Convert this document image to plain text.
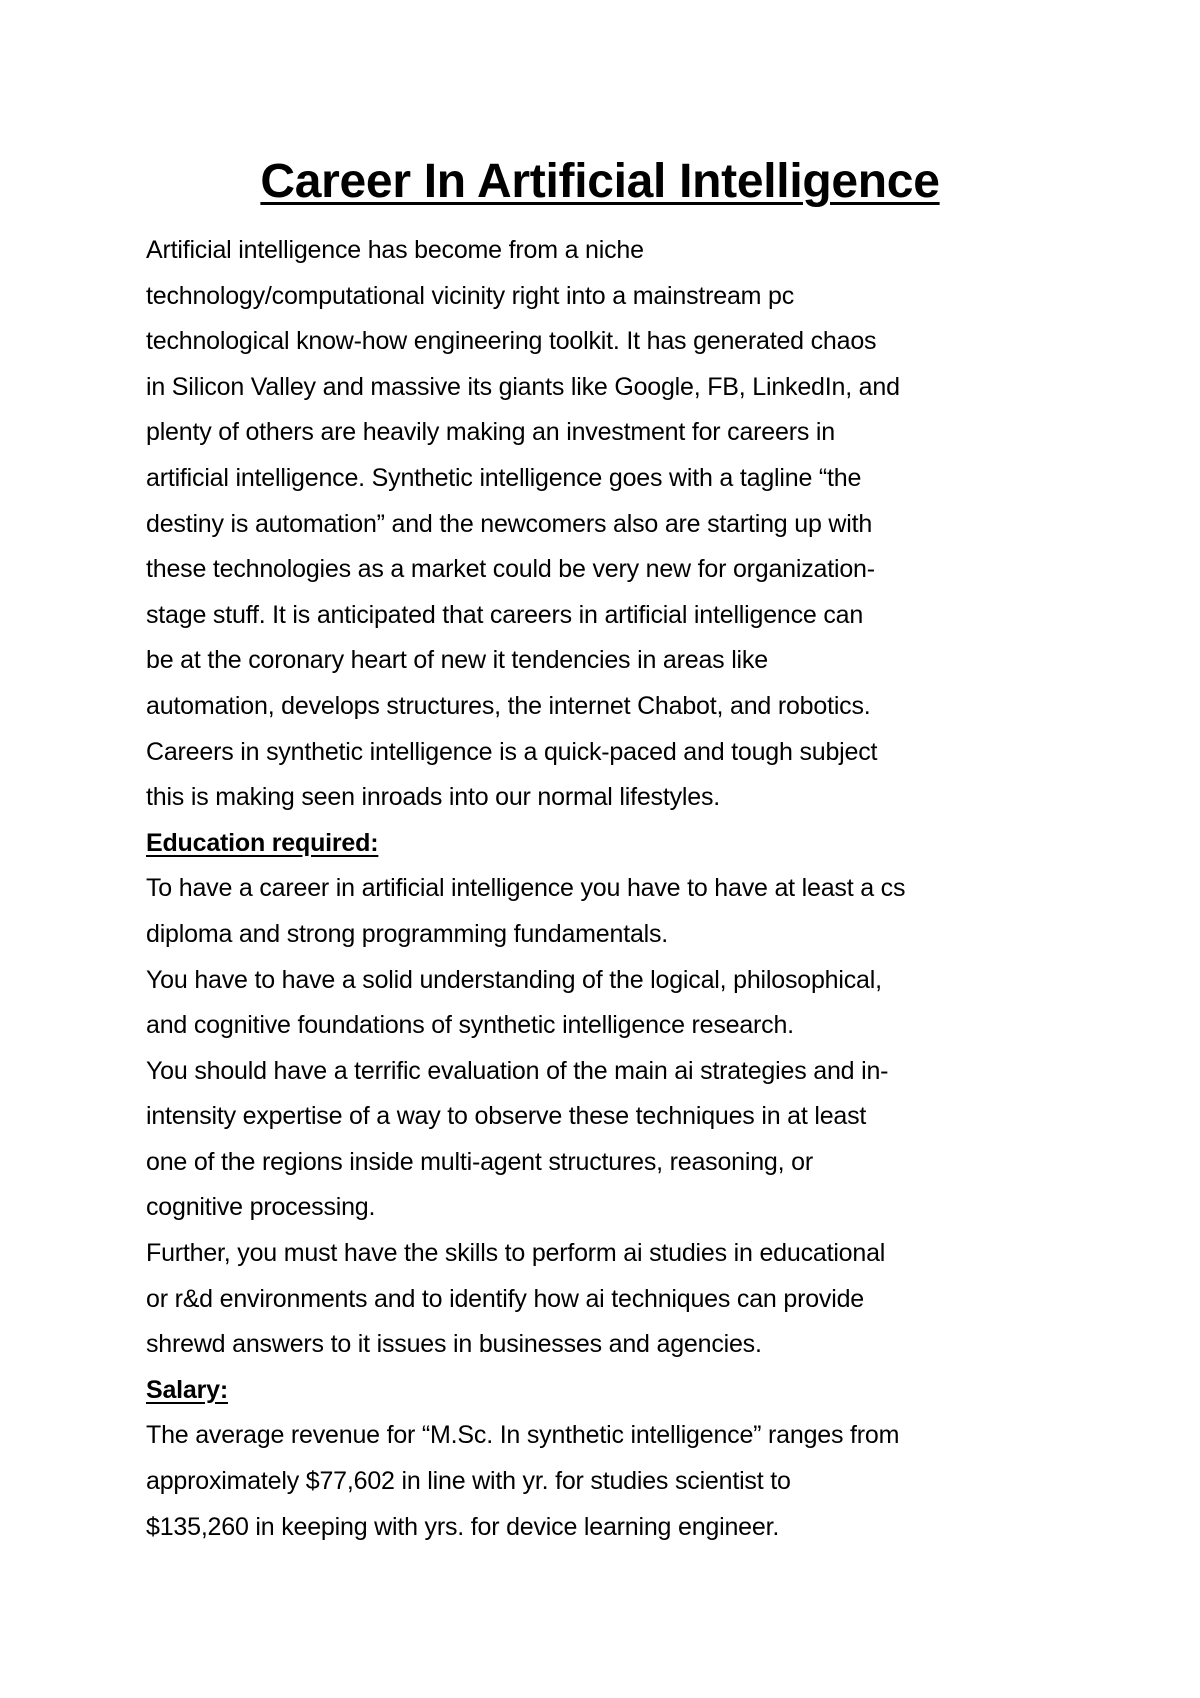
Career In Artificial Intelligence

Artificial intelligence has become from a niche
technology/computational vicinity right into a mainstream pc
technological know-how engineering toolkit. It has generated chaos
in Silicon Valley and massive its giants like Google, FB, LinkedIn, and
plenty of others are heavily making an investment for careers in
artificial intelligence. Synthetic intelligence goes with a tagline “the
destiny is automation” and the newcomers also are starting up with
these technologies as a market could be very new for organization-
stage stuff. It is anticipated that careers in artificial intelligence can
be at the coronary heart of new it tendencies in areas like
automation, develops structures, the internet Chabot, and robotics.
Careers in synthetic intelligence is a quick-paced and tough subject
this is making seen inroads into our normal lifestyles.

Education required:

To have a career in artificial intelligence you have to have at least a cs
diploma and strong programming fundamentals.

You have to have a solid understanding of the logical, philosophical,
and cognitive foundations of synthetic intelligence research.

You should have a terrific evaluation of the main ai strategies and in-
intensity expertise of a way to observe these techniques in at least
one of the regions inside multi-agent structures, reasoning, or
cognitive processing.

Further, you must have the skills to perform ai studies in educational
or r&d environments and to identify how ai techniques can provide
shrewd answers to it issues in businesses and agencies.

Salary:

The average revenue for “M.Sc. In synthetic intelligence” ranges from
approximately $77,602 in line with yr. for studies scientist to
$135,260 in keeping with yrs. for device learning engineer.
